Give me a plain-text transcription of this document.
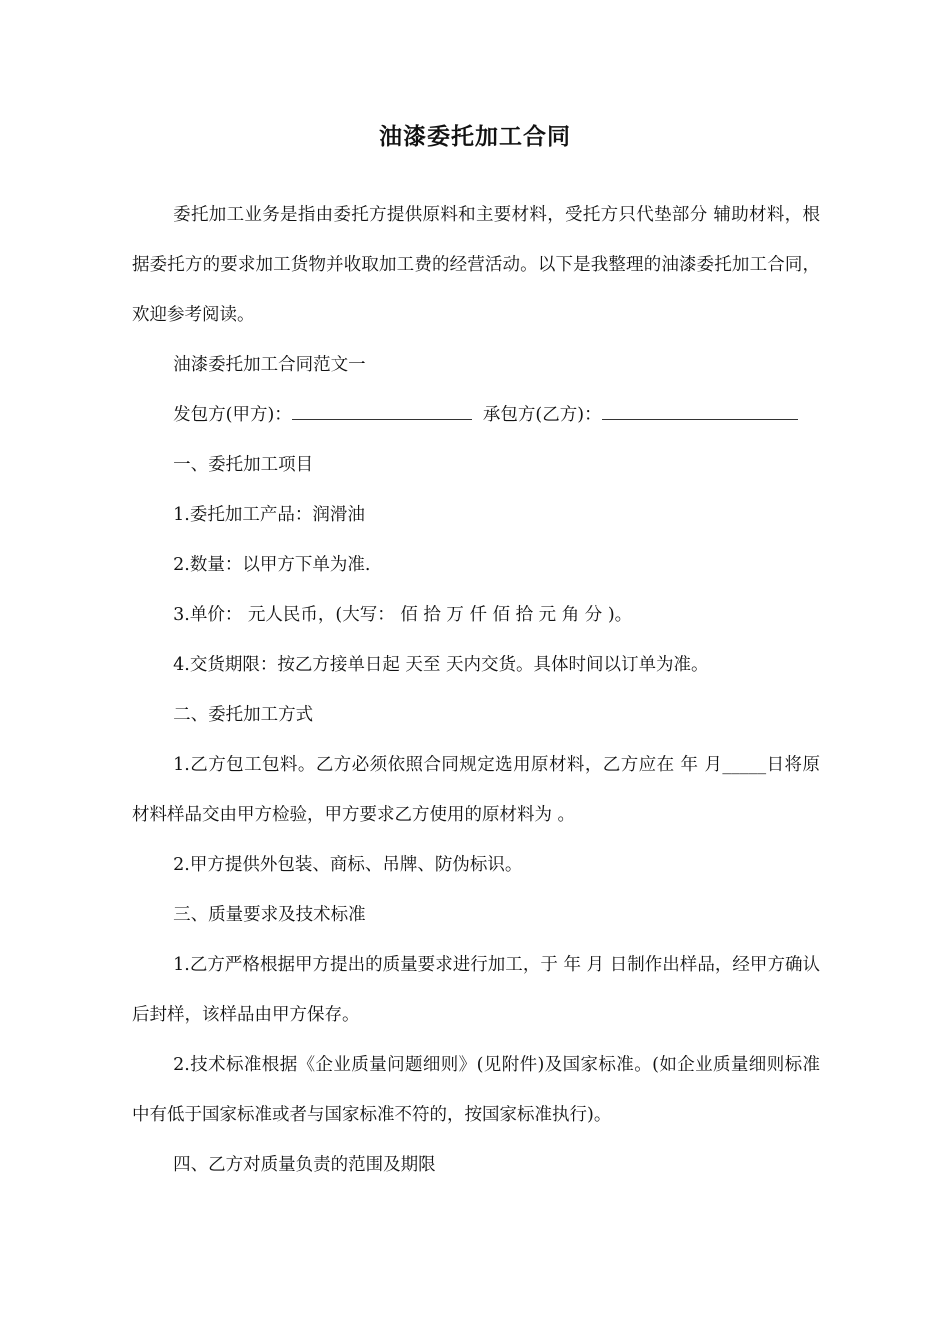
油漆委托加工合同

委托加工业务是指由委托方提供原料和主要材料，受托方只代垫部分 辅助材料，根据委托方的要求加工货物并收取加工费的经营活动。以下是我整理的油漆委托加工合同，欢迎参考阅读。

油漆委托加工合同范文一

发包方(甲方)：	承包方(乙方)：

一、委托加工项目

1.委托加工产品：润滑油

2.数量：以甲方下单为准.

3.单价： 元人民币，(大写： 佰 拾 万 仟 佰 拾 元 角 分 )。

4.交货期限：按乙方接单日起 天至 天内交货。具体时间以订单为准。

二、委托加工方式

1.乙方包工包料。乙方必须依照合同规定选用原材料，乙方应在 年 月_____日将原材料样品交由甲方检验，甲方要求乙方使用的原材料为 。

2.甲方提供外包装、商标、吊牌、防伪标识。

三、质量要求及技术标准

1.乙方严格根据甲方提出的质量要求进行加工，于 年 月 日制作出样品，经甲方确认后封样，该样品由甲方保存。

2.技术标准根据《企业质量问题细则》(见附件)及国家标准。(如企业质量细则标准中有低于国家标准或者与国家标准不符的，按国家标准执行)。

四、乙方对质量负责的范围及期限
